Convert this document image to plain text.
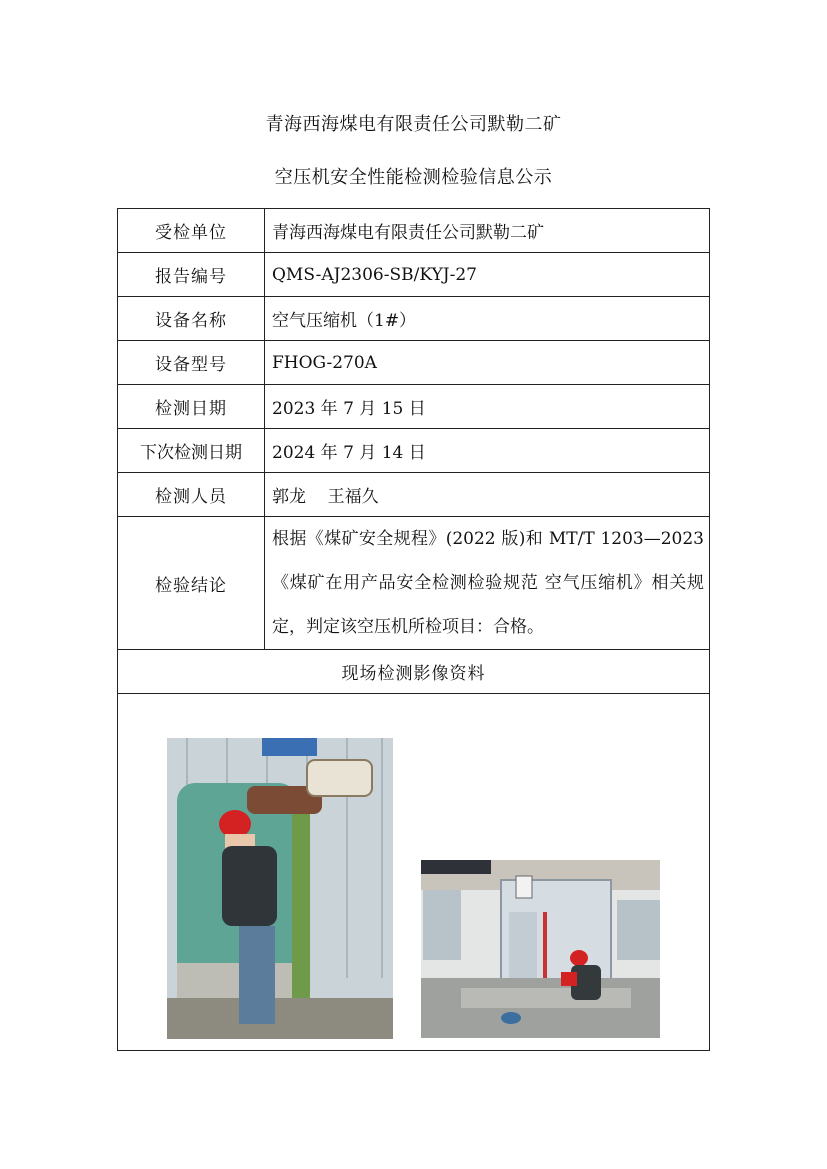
青海西海煤电有限责任公司默勒二矿
空压机安全性能检测检验信息公示
受检单位	青海西海煤电有限责任公司默勒二矿
报告编号	QMS-AJ2306-SB/KYJ-27
设备名称	空气压缩机（1#）
设备型号	FHOG-270A
检测日期	2023 年 7 月 15 日
下次检测日期	2024 年 7 月 14 日
检测人员	郭龙    王福久
检验结论	根据《煤矿安全规程》(2022 版)和 MT/T 1203—2023《煤矿在用产品安全检测检验规范 空气压缩机》相关规定，判定该空压机所检项目：合格。
现场检测影像资料	
